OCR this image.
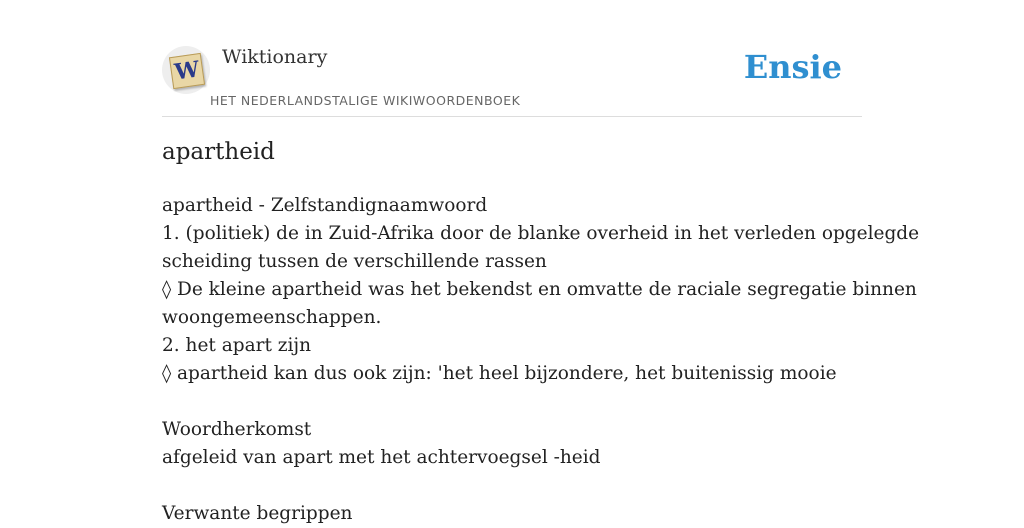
W Wiktionary
HET NEDERLANDSTALIGE WIKIWOORDENBOEK
Ensie
apartheid
apartheid - Zelfstandignaamwoord
1. (politiek) de in Zuid-Afrika door de blanke overheid in het verleden opgelegde
scheiding tussen de verschillende rassen
◊ De kleine apartheid was het bekendst en omvatte de raciale segregatie binnen
woongemeenschappen.
2. het apart zijn
◊ apartheid kan dus ook zijn: 'het heel bijzondere, het buitenissig mooie
Woordherkomst
afgeleid van apart met het achtervoegsel -heid
Verwante begrippen
